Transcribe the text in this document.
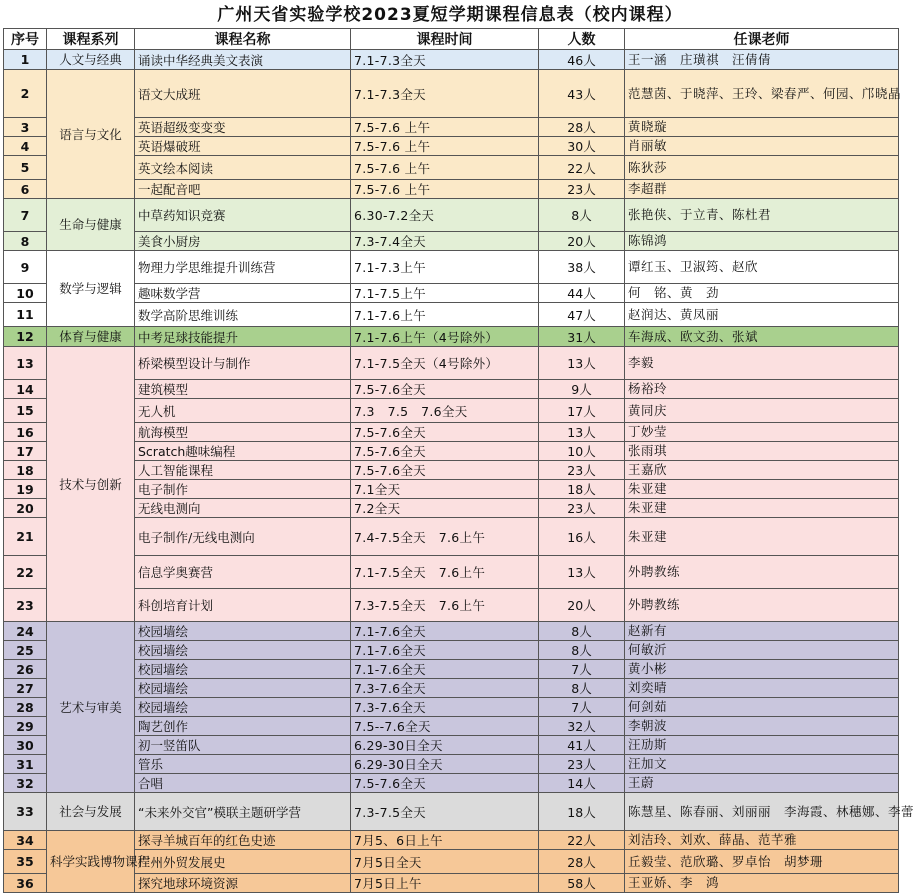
广州天省实验学校2023夏短学期课程信息表（校内课程）
序号	课程系列	课程名称	课程时间	人数	任课老师
1	人文与经典	诵读中华经典美文表演	7.1-7.3全天	46人	王一涵　庄璜祺　汪倩倩
2	语言与文化	语文大成班	7.1-7.3全天	43人	范慧茵、于晓萍、王玲、梁春严、何园、邝晓晶
3		英语超级变变变	7.5-7.6 上午	28人	黄晓璇
4		英语爆破班	7.5-7.6 上午	30人	肖丽敏
5		英文绘本阅读	7.5-7.6 上午	22人	陈狄莎
6		一起配音吧	7.5-7.6 上午	23人	李超群
7	生命与健康	中草药知识竞赛	6.30-7.2全天	8人	张艳侠、于立青、陈杜君
8		美食小厨房	7.3-7.4全天	20人	陈锦鸿
9	数学与逻辑	物理力学思维提升训练营	7.1-7.3上午	38人	谭红玉、卫淑筠、赵欣
10		趣味数学营	7.1-7.5上午	44人	何　铭、黄　劲
11		数学高阶思维训练	7.1-7.6上午	47人	赵润达、黄凤丽
12	体育与健康	中考足球技能提升	7.1-7.6上午（4号除外）	31人	车海成、欧文劲、张斌
13	技术与创新	桥梁模型设计与制作	7.1-7.5全天（4号除外）	13人	李毅
14		建筑模型	7.5-7.6全天	9人	杨裕玲
15		无人机	7.3　7.5　7.6全天	17人	黄同庆
16		航海模型	7.5-7.6全天	13人	丁妙莹
17		Scratch趣味编程	7.5-7.6全天	10人	张雨琪
18		人工智能课程	7.5-7.6全天	23人	王嘉欣
19		电子制作	7.1全天	18人	朱亚建
20		无线电测向	7.2全天	23人	朱亚建
21		电子制作/无线电测向	7.4-7.5全天　7.6上午	16人	朱亚建
22		信息学奥赛营	7.1-7.5全天　7.6上午	13人	外聘教练
23		科创培育计划	7.3-7.5全天　7.6上午	20人	外聘教练
24	艺术与审美	校园墙绘	7.1-7.6全天	8人	赵新有
25		校园墙绘	7.1-7.6全天	8人	何敏沂
26		校园墙绘	7.1-7.6全天	7人	黄小彬
27		校园墙绘	7.3-7.6全天	8人	刘奕晴
28		校园墙绘	7.3-7.6全天	7人	何剑茹
29		陶艺创作	7.5--7.6全天	32人	李朝波
30		初一竖笛队	6.29-30日全天	41人	汪劢斯
31		管乐	6.29-30日全天	23人	汪加文
32		合唱	7.5-7.6全天	14人	王蔚
33	社会与发展	“未来外交官”模联主题研学营	7.3-7.5全天	18人	陈慧星、陈春丽、刘丽丽　李海霞、林穗娜、李蕾
34	科学实践博物课程	探寻羊城百年的红色史迹	7月5、6日上午	22人	刘洁玲、刘欢、薛晶、范芊雅
35		广州外贸发展史	7月5日全天	28人	丘毅莹、范欣璐、罗卓怡　胡梦珊
36		探究地球环境资源	7月5日上午	58人	王亚娇、李　鸿
